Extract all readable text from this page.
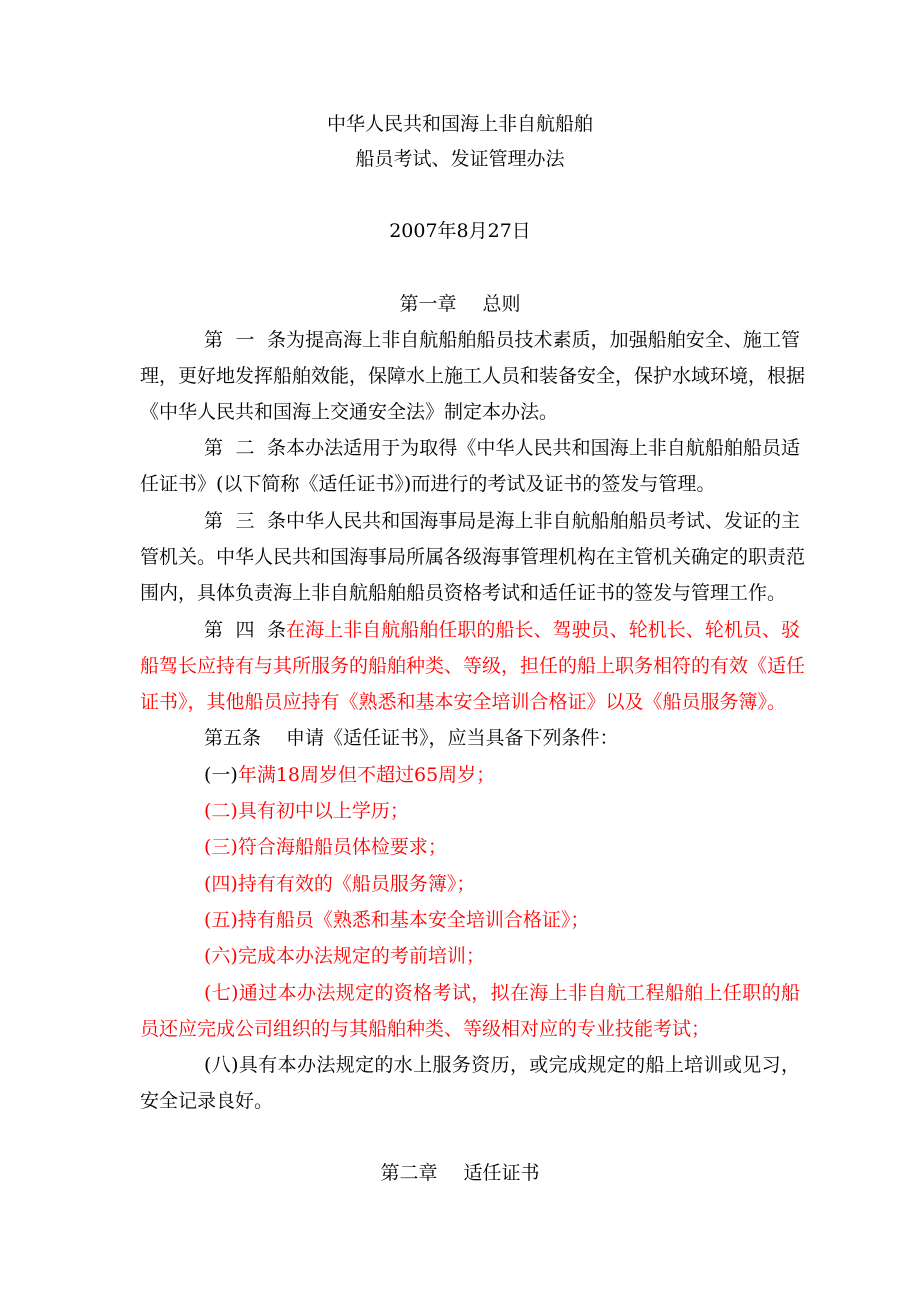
中华人民共和国海上非自航船舶
船员考试、发证管理办法
2007年8月27日
第一章 总则
第一条为提高海上非自航船舶船员技术素质，加强船舶安全、施工管
理，更好地发挥船舶效能，保障水上施工人员和装备安全，保护水域环境，根据
《中华人民共和国海上交通安全法》制定本办法。
第二条本办法适用于为取得《中华人民共和国海上非自航船舶船员适
任证书》(以下简称《适任证书》)而进行的考试及证书的签发与管理。
第三条中华人民共和国海事局是海上非自航船舶船员考试、发证的主
管机关。中华人民共和国海事局所属各级海事管理机构在主管机关确定的职责范
围内，具体负责海上非自航船舶船员资格考试和适任证书的签发与管理工作。
第四条在海上非自航船舶任职的船长、驾驶员、轮机长、轮机员、驳
船驾长应持有与其所服务的船舶种类、等级，担任的船上职务相符的有效《适任
证书》，其他船员应持有《熟悉和基本安全培训合格证》以及《船员服务簿》。
第五条 申请《适任证书》，应当具备下列条件：
(一)年满18周岁但不超过65周岁；
(二)具有初中以上学历；
(三)符合海船船员体检要求；
(四)持有有效的《船员服务簿》；
(五)持有船员《熟悉和基本安全培训合格证》；
(六)完成本办法规定的考前培训；
(七)通过本办法规定的资格考试，拟在海上非自航工程船舶上任职的船
员还应完成公司组织的与其船舶种类、等级相对应的专业技能考试；
(八)具有本办法规定的水上服务资历，或完成规定的船上培训或见习，
安全记录良好。
第二章 适任证书
